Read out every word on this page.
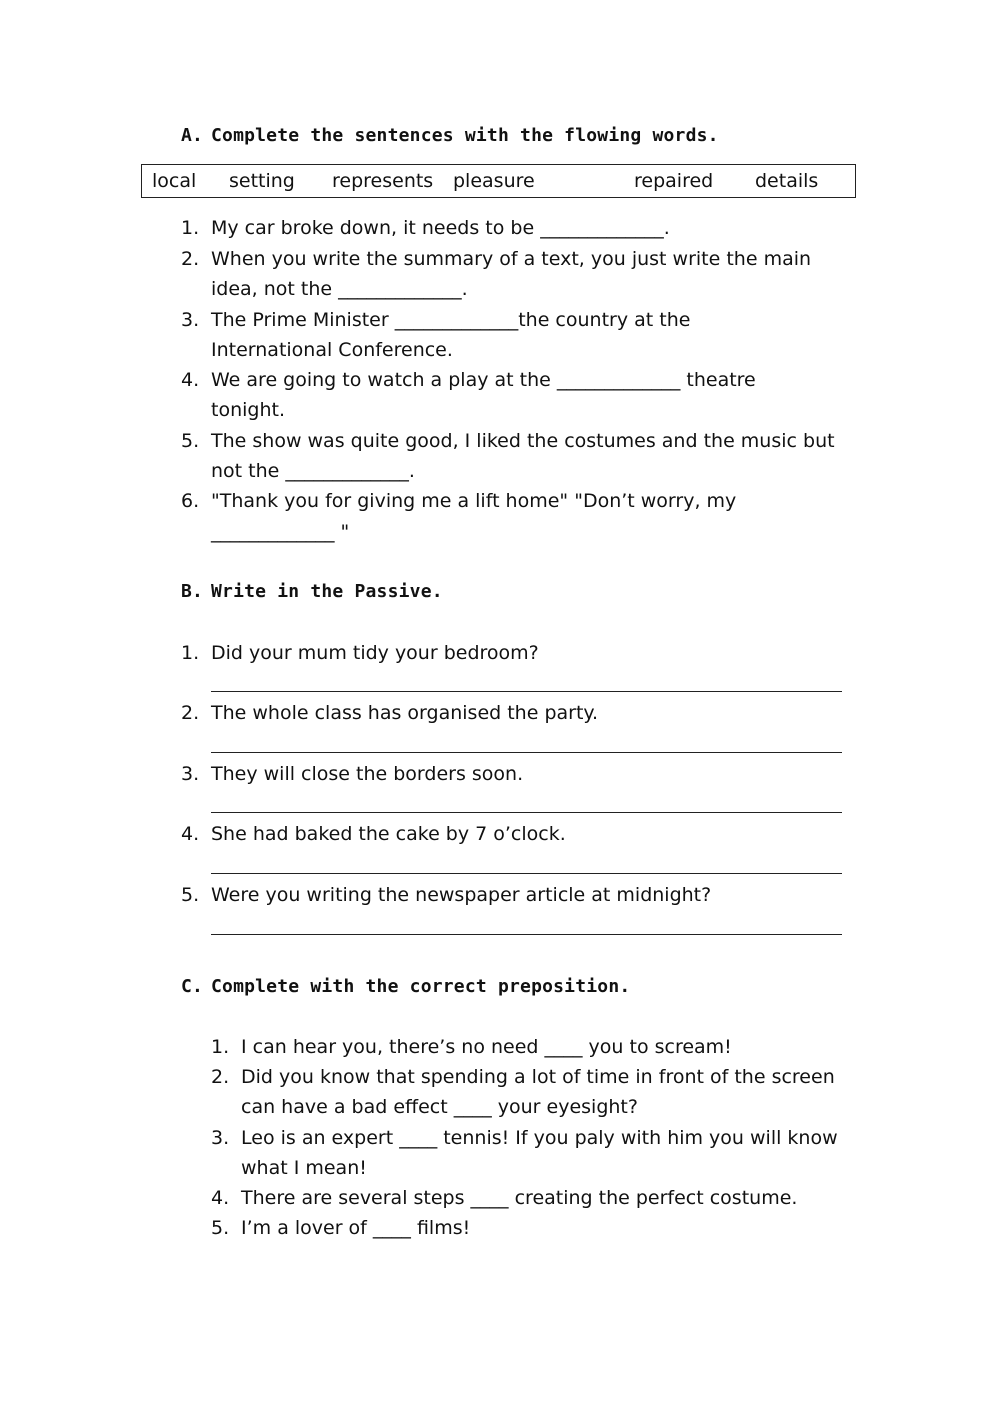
A. Complete the sentences with the flowing words.
local setting represents pleasure	repaired details
1. My car broke down, it needs to be _____________.
2. When you write the summary of a text, you just write the main
idea, not the _____________.
3. The Prime Minister _____________the country at the
International Conference.
4. We are going to watch a play at the _____________ theatre
tonight.
5. The show was quite good, I liked the costumes and the music but
not the _____________.
6. "Thank you for giving me a lift home" "Don’t worry, my
_____________ "
B. Write in the Passive.
1. Did your mum tidy your bedroom?
2. The whole class has organised the party.
3. They will close the borders soon.
4. She had baked the cake by 7 o’clock.
5. Were you writing the newspaper article at midnight?
C. Complete with the correct preposition.
1. I can hear you, there’s no need ____ you to scream!
2. Did you know that spending a lot of time in front of the screen
can have a bad effect ____ your eyesight?
3. Leo is an expert ____ tennis! If you paly with him you will know
what I mean!
4. There are several steps ____ creating the perfect costume.
5. I’m a lover of ____ films!
